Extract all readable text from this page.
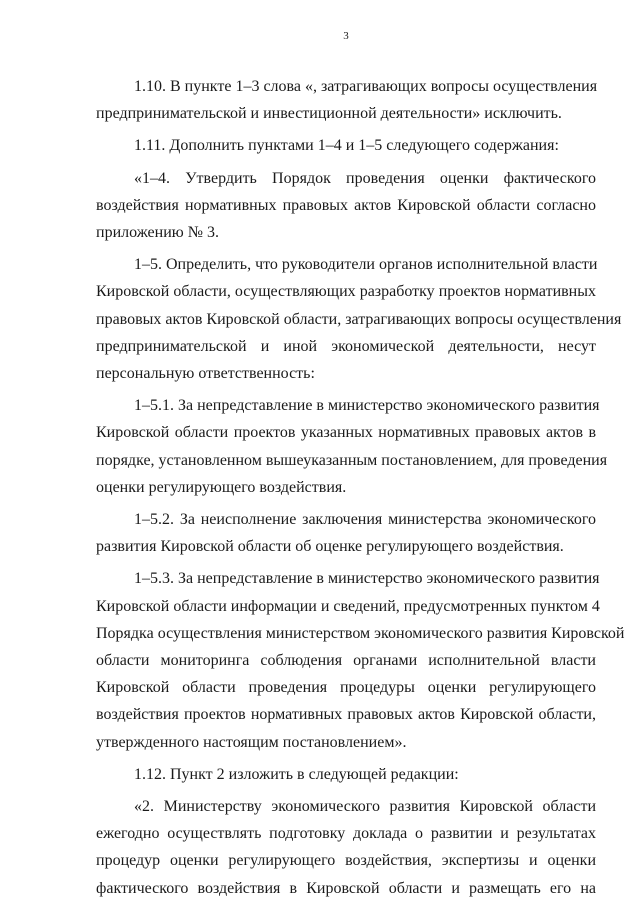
3

1.10. В пункте 1–3 слова «, затрагивающих вопросы осуществления
предпринимательской и инвестиционной деятельности» исключить.

1.11. Дополнить пунктами 1–4 и 1–5 следующего содержания:

«1–4. Утвердить Порядок проведения оценки фактического
воздействия нормативных правовых актов Кировской области согласно
приложению № 3.

1–5. Определить, что руководители органов исполнительной власти
Кировской области, осуществляющих разработку проектов нормативных
правовых актов Кировской области, затрагивающих вопросы осуществления
предпринимательской и иной экономической деятельности, несут
персональную ответственность:

1–5.1. За непредставление в министерство экономического развития
Кировской области проектов указанных нормативных правовых актов в
порядке, установленном вышеуказанным постановлением, для проведения
оценки регулирующего воздействия.

1–5.2. За неисполнение заключения министерства экономического
развития Кировской области об оценке регулирующего воздействия.

1–5.3. За непредставление в министерство экономического развития
Кировской области информации и сведений, предусмотренных пунктом 4
Порядка осуществления министерством экономического развития Кировской
области мониторинга соблюдения органами исполнительной власти
Кировской области проведения процедуры оценки регулирующего
воздействия проектов нормативных правовых актов Кировской области,
утвержденного настоящим постановлением».

1.12. Пункт 2 изложить в следующей редакции:

«2. Министерству экономического развития Кировской области
ежегодно осуществлять подготовку доклада о развитии и результатах
процедур оценки регулирующего воздействия, экспертизы и оценки
фактического воздействия в Кировской области и размещать его на
